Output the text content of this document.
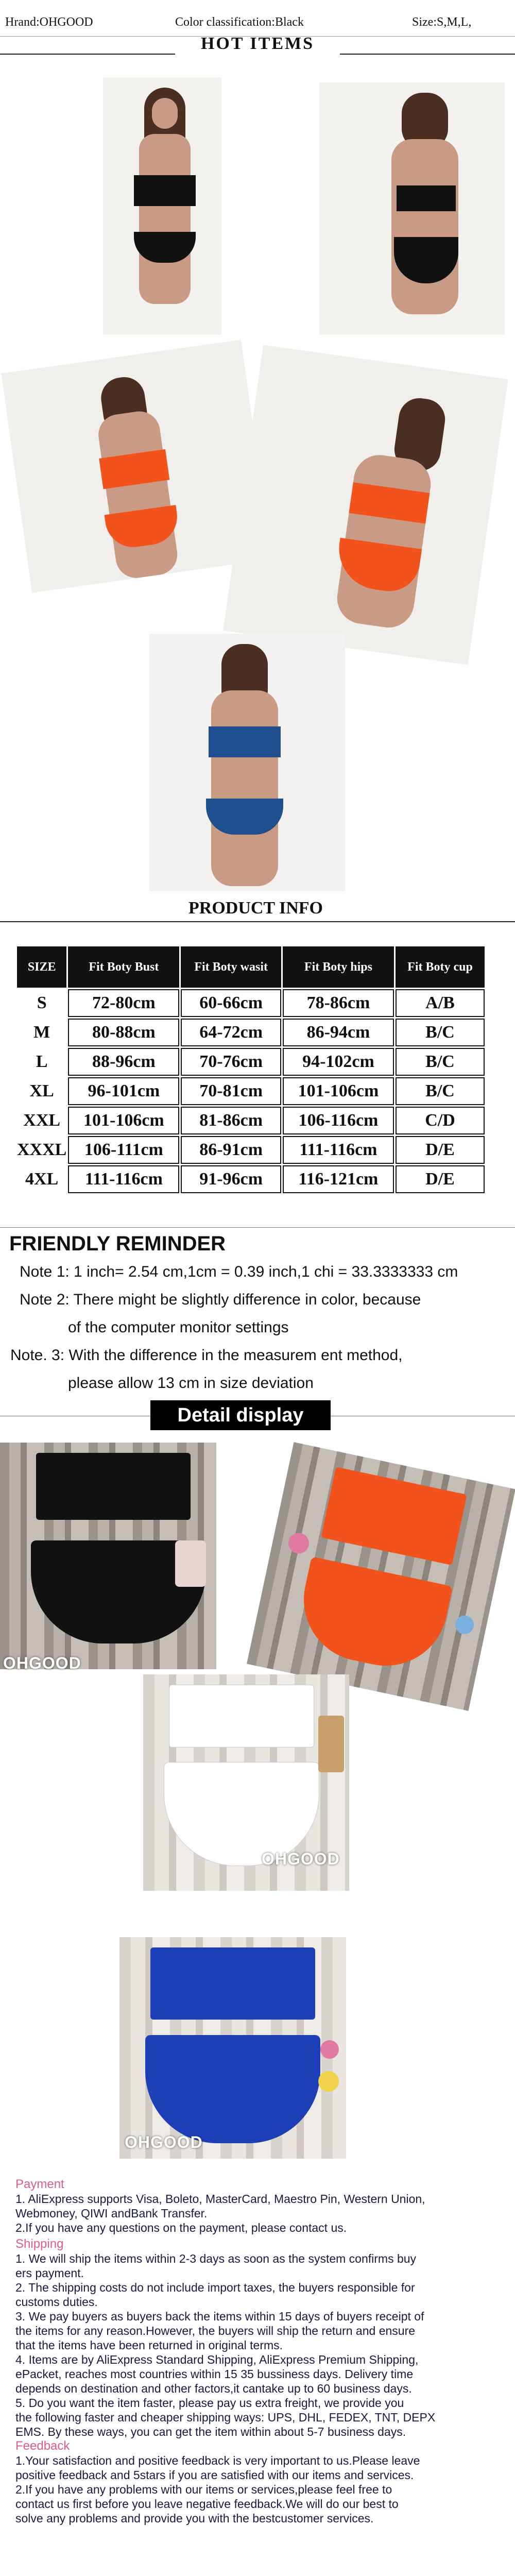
Hrand:OHGOOD	Color classification:Black	Size:S,M,L,
HOT ITEMS
PRODUCT INFO
SIZE	Fit Boty Bust	Fit Boty wasit	Fit Boty hips	Fit Boty cup
S	72-80cm	60-66cm	78-86cm	A/B
M	80-88cm	64-72cm	86-94cm	B/C
L	88-96cm	70-76cm	94-102cm	B/C
XL	96-101cm	70-81cm	101-106cm	B/C
XXL	101-106cm	81-86cm	106-116cm	C/D
XXXL	106-111cm	86-91cm	111-116cm	D/E
4XL	111-116cm	91-96cm	116-121cm	D/E
FRIENDLY REMINDER
Note 1: 1 inch= 2.54 cm,1cm = 0.39 inch,1 chi = 33.3333333 cm
Note 2: There might be slightly difference in color, because
of the computer monitor settings
Note. 3: With the difference in the measurem ent method,
please allow 13 cm in size deviation
Detail display
OHGOOD
OHGOOD
OHGOOD
Payment
1. AliExpress supports Visa, Boleto, MasterCard, Maestro Pin, Western Union,
Webmoney, QIWI andBank Transfer.
2.If you have any questions on the payment, please contact us.
Shipping
1. We will ship the items within 2-3 days as soon as the system confirms buy
ers payment.
2. The shipping costs do not include import taxes, the buyers responsible for
customs duties.
3. We pay buyers as buyers back the items within 15 days of buyers receipt of
the items for any reason.However, the buyers will ship the return and ensure
that the items have been returned in original terms.
4. Items are by AliExpress Standard Shipping, AliExpress Premium Shipping,
ePacket, reaches most countries within 15 35 bussiness days. Delivery time
depends on destination and other factors,it cantake up to 60 business days.
5. Do you want the item faster, please pay us extra freight, we provide you
the following faster and cheaper shipping ways: UPS, DHL, FEDEX, TNT, DEPX
EMS. By these ways, you can get the item within about 5-7 business days.
Feedback
1.Your satisfaction and positive feedback is very important to us.Please leave
positive feedback and 5stars if you are satisfied with our items and services.
2.If you have any problems with our items or services,please feel free to
contact us first before you leave negative feedback.We will do our best to
solve any problems and provide you with the bestcustomer services.
